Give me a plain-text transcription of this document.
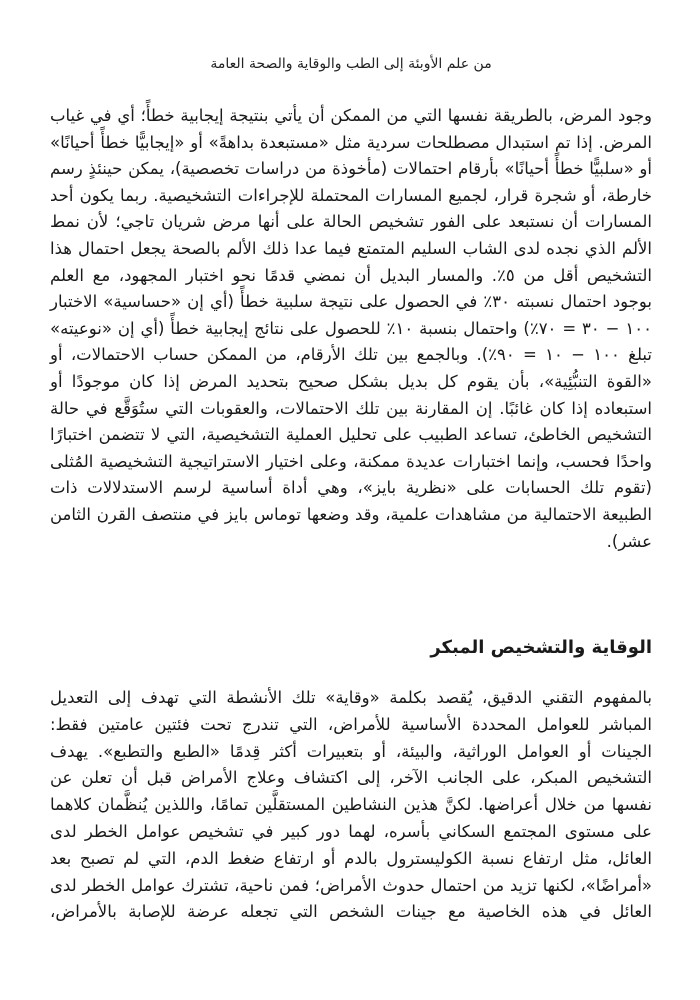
من علم الأوبئة إلى الطب والوقاية والصحة العامة

وجود المرض، بالطريقة نفسها التي من الممكن أن يأتي بنتيجة إيجابية خطأً؛ أي في غياب المرض. إذا تم استبدال مصطلحات سردية مثل «مستبعدة بداهةً» أو «إيجابيًّا خطأً أحيانًا» أو «سلبيًّا خطأً أحيانًا» بأرقام احتمالات (مأخوذة من دراسات تخصصية)، يمكن حينئذٍ رسم خارطة، أو شجرة قرار، لجميع المسارات المحتملة للإجراءات التشخيصية. ربما يكون أحد المسارات أن نستبعد على الفور تشخيص الحالة على أنها مرض شريان تاجي؛ لأن نمط الألم الذي نجده لدى الشاب السليم المتمتع فيما عدا ذلك الألم بالصحة يجعل احتمال هذا التشخيص أقل من ٥٪. والمسار البديل أن نمضي قدمًا نحو اختبار المجهود، مع العلم بوجود احتمال نسبته ٣٠٪ في الحصول على نتيجة سلبية خطأً (أي إن «حساسية» الاختبار ١٠٠ − ٣٠ = ٧٠٪) واحتمال بنسبة ١٠٪ للحصول على نتائج إيجابية خطأً (أي إن «نوعيته» تبلغ ١٠٠ − ١٠ = ٩٠٪). وبالجمع بين تلك الأرقام، من الممكن حساب الاحتمالات، أو «القوة التنبُّئِية»، بأن يقوم كل بديل بشكل صحيح بتحديد المرض إذا كان موجودًا أو استبعاده إذا كان غائبًا. إن المقارنة بين تلك الاحتمالات، والعقوبات التي ستُوَقَّع في حالة التشخيص الخاطئ، تساعد الطبيب على تحليل العملية التشخيصية، التي لا تتضمن اختبارًا واحدًا فحسب، وإنما اختبارات عديدة ممكنة، وعلى اختيار الاستراتيجية التشخيصية المُثلى (تقوم تلك الحسابات على «نظرية بايز»، وهي أداة أساسية لرسم الاستدلالات ذات الطبيعة الاحتمالية من مشاهدات علمية، وقد وضعها توماس بايز في منتصف القرن الثامن عشر).

الوقاية والتشخيص المبكر

بالمفهوم التقني الدقيق، يُقصد بكلمة «وقاية» تلك الأنشطة التي تهدف إلى التعديل المباشر للعوامل المحددة الأساسية للأمراض، التي تندرج تحت فئتين عامتين فقط: الجينات أو العوامل الوراثية، والبيئة، أو بتعبيرات أكثر قِدمًا «الطبع والتطبع». يهدف التشخيص المبكر، على الجانب الآخر، إلى اكتشاف وعلاج الأمراض قبل أن تعلن عن نفسها من خلال أعراضها. لكنَّ هذين النشاطين المستقلَّين تمامًا، واللذين يُنظَّمان كلاهما على مستوى المجتمع السكاني بأسره، لهما دور كبير في تشخيص عوامل الخطر لدى العائل، مثل ارتفاع نسبة الكوليسترول بالدم أو ارتفاع ضغط الدم، التي لم تصبح بعد «أمراضًا»، لكنها تزيد من احتمال حدوث الأمراض؛ فمن ناحية، تشترك عوامل الخطر لدى العائل في هذه الخاصية مع جينات الشخص التي تجعله عرضة للإصابة بالأمراض،
